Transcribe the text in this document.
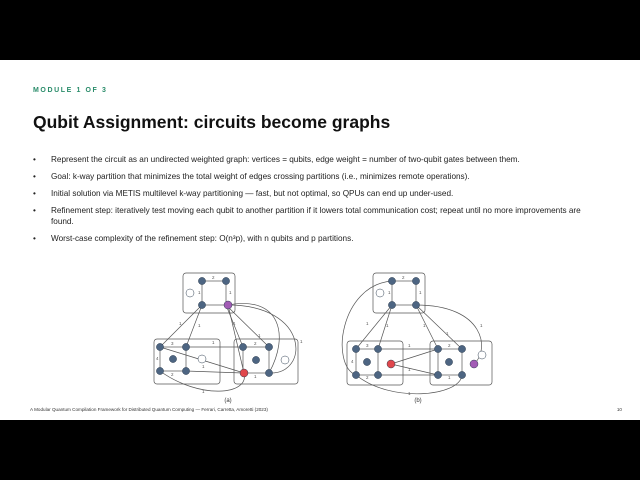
MODULE 1 OF 3
Qubit Assignment: circuits become graphs
• Represent the circuit as an undirected weighted graph: vertices = qubits, edge weight = number of two-qubit gates between them.
• Goal: k-way partition that minimizes the total weight of edges crossing partitions (i.e., minimizes remote operations).
• Initial solution via METIS multilevel k-way partitioning — fast, but not optimal, so QPUs can end up under-used.
• Refinement step: iteratively test moving each qubit to another partition if it lowers total communication cost; repeat until no more improvements are found.
• Worst-case complexity of the refinement step: O(n³p), with n qubits and p partitions.
1	1	1
1
1
1
1
1
3
2
4
2
1
2
1	1
1	1	1
1
1
1
1
1
3
4
2
2
1
2
1	1
(a)	(b)
A Modular Quantum Compilation Framework for Distributed Quantum Computing — Ferrari, Carretta, Amoretti (2023)	10
